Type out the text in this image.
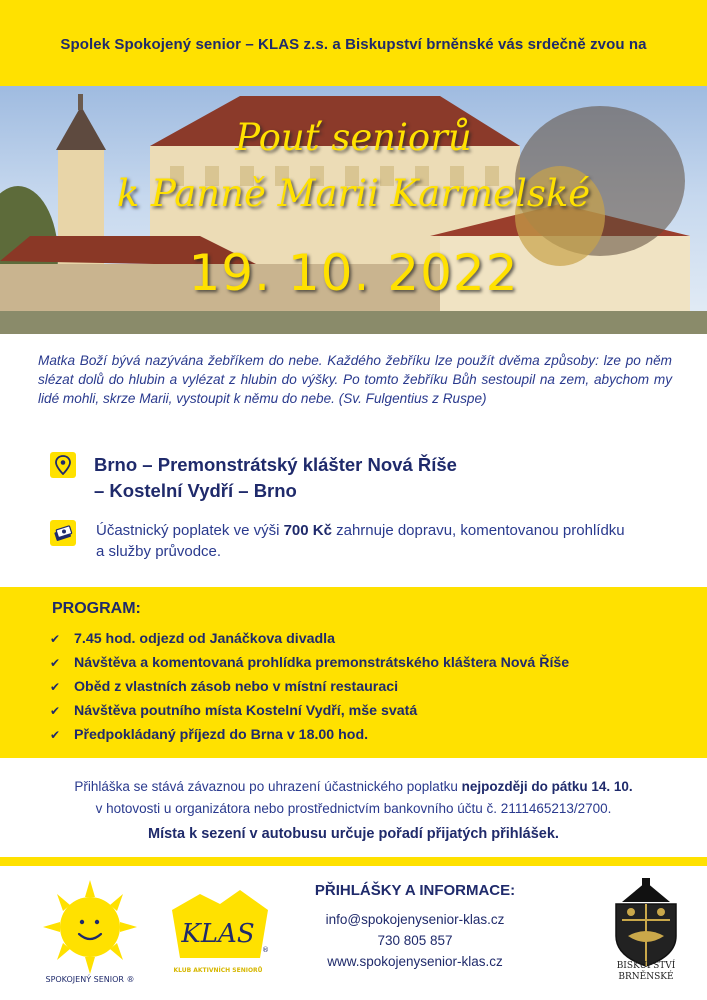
Spolek Spokojený senior – KLAS z.s. a Biskupství brněnské vás srdečně zvou na
Pouť seniorů
k Panně Marii Karmelské
19. 10. 2022
Matka Boží bývá nazývána žebříkem do nebe. Každého žebříku lze použít dvěma způsoby: lze po něm slézat dolů do hlubin a vylézat z hlubin do výšky. Po tomto žebříku Bůh sestoupil na zem, abychom my lidé mohli, skrze Marii, vystoupit k němu do nebe. (Sv. Fulgentius z Ruspe)
Brno – Premonstrátský klášter Nová Říše
– Kostelní Vydří – Brno
Účastnický poplatek ve výši 700 Kč zahrnuje dopravu, komentovanou prohlídku a služby průvodce.
PROGRAM:
✔ 7.45 hod. odjezd od Janáčkova divadla
✔ Návštěva a komentovaná prohlídka premonstrátského kláštera Nová Říše
✔ Oběd z vlastních zásob nebo v místní restauraci
✔ Návštěva poutního místa Kostelní Vydří, mše svatá
✔ Předpokládaný příjezd do Brna v 18.00 hod.
Přihláška se stává závaznou po uhrazení účastnického poplatku nejpozději do pátku 14. 10.
v hotovosti u organizátora nebo prostřednictvím bankovního účtu č. 2111465213/2700.
Místa k sezení v autobusu určuje pořadí přijatých přihlášek.
SPOKOJENÝ SENIOR ®
KLAS
®
KLUB AKTIVNÍCH SENIORŮ
PŘIHLÁŠKY A INFORMACE:
info@spokojenysenior-klas.cz
730 805 857
www.spokojenysenior-klas.cz	BISKUPSTVÍ
BRNĚNSKÉ
